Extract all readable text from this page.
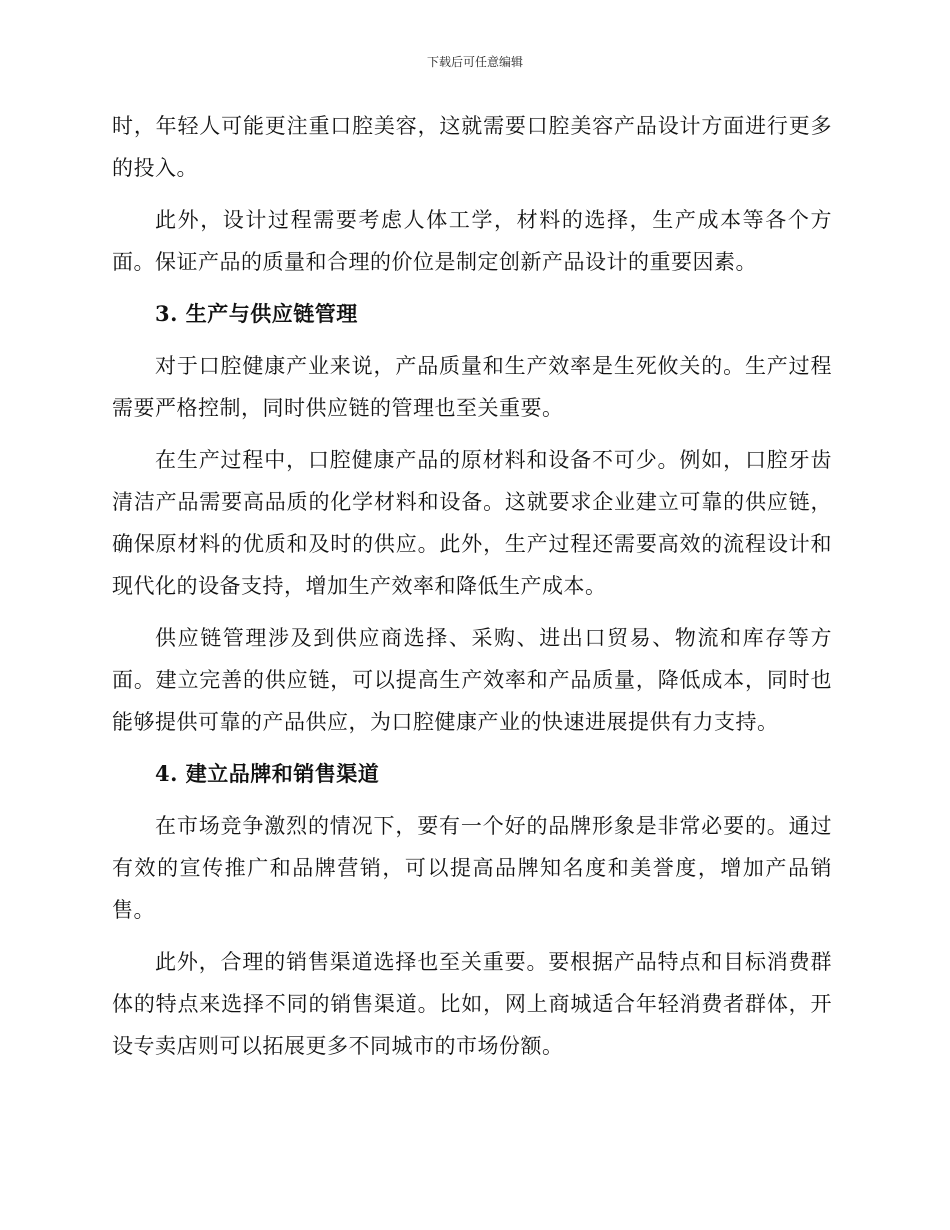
下载后可任意编辑

时，年轻人可能更注重口腔美容，这就需要口腔美容产品设计方面进行更多的投入。

此外，设计过程需要考虑人体工学，材料的选择，生产成本等各个方面。保证产品的质量和合理的价位是制定创新产品设计的重要因素。

3. 生产与供应链管理

对于口腔健康产业来说，产品质量和生产效率是生死攸关的。生产过程需要严格控制，同时供应链的管理也至关重要。

在生产过程中，口腔健康产品的原材料和设备不可少。例如，口腔牙齿清洁产品需要高品质的化学材料和设备。这就要求企业建立可靠的供应链，确保原材料的优质和及时的供应。此外，生产过程还需要高效的流程设计和现代化的设备支持，增加生产效率和降低生产成本。

供应链管理涉及到供应商选择、采购、进出口贸易、物流和库存等方面。建立完善的供应链，可以提高生产效率和产品质量，降低成本，同时也能够提供可靠的产品供应，为口腔健康产业的快速进展提供有力支持。

4. 建立品牌和销售渠道

在市场竞争激烈的情况下，要有一个好的品牌形象是非常必要的。通过有效的宣传推广和品牌营销，可以提高品牌知名度和美誉度，增加产品销售。

此外，合理的销售渠道选择也至关重要。要根据产品特点和目标消费群体的特点来选择不同的销售渠道。比如，网上商城适合年轻消费者群体，开设专卖店则可以拓展更多不同城市的市场份额。
